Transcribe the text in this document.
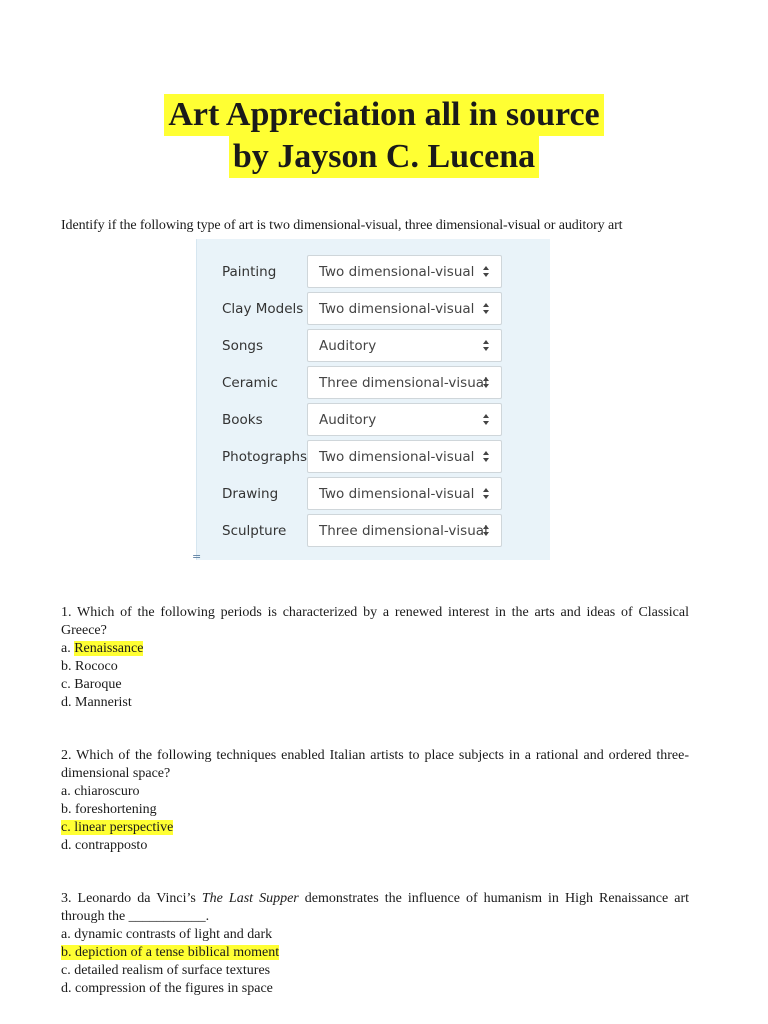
Art Appreciation all in source
by Jayson C. Lucena
Identify if the following type of art is two dimensional-visual, three dimensional-visual or auditory art
Painting	Two dimensional-visual
Clay Models	Two dimensional-visual
Songs	Auditory
Ceramic	Three dimensional-visual
Books	Auditory
Photographs Two dimensional-visual
Drawing	Two dimensional-visual
Sculpture	Three dimensional-visual
=
1. Which of the following periods is characterized by a renewed interest in the arts and ideas of Classical Greece?
a. Renaissance
b. Rococo
c. Baroque
d. Mannerist
2. Which of the following techniques enabled Italian artists to place subjects in a rational and ordered three-dimensional space?
a. chiaroscuro
b. foreshortening
c. linear perspective
d. contrapposto
3. Leonardo da Vinci’s The Last Supper demonstrates the influence of humanism in High Renaissance art through the ___________.
a. dynamic contrasts of light and dark
b. depiction of a tense biblical moment
c. detailed realism of surface textures
d. compression of the figures in space
